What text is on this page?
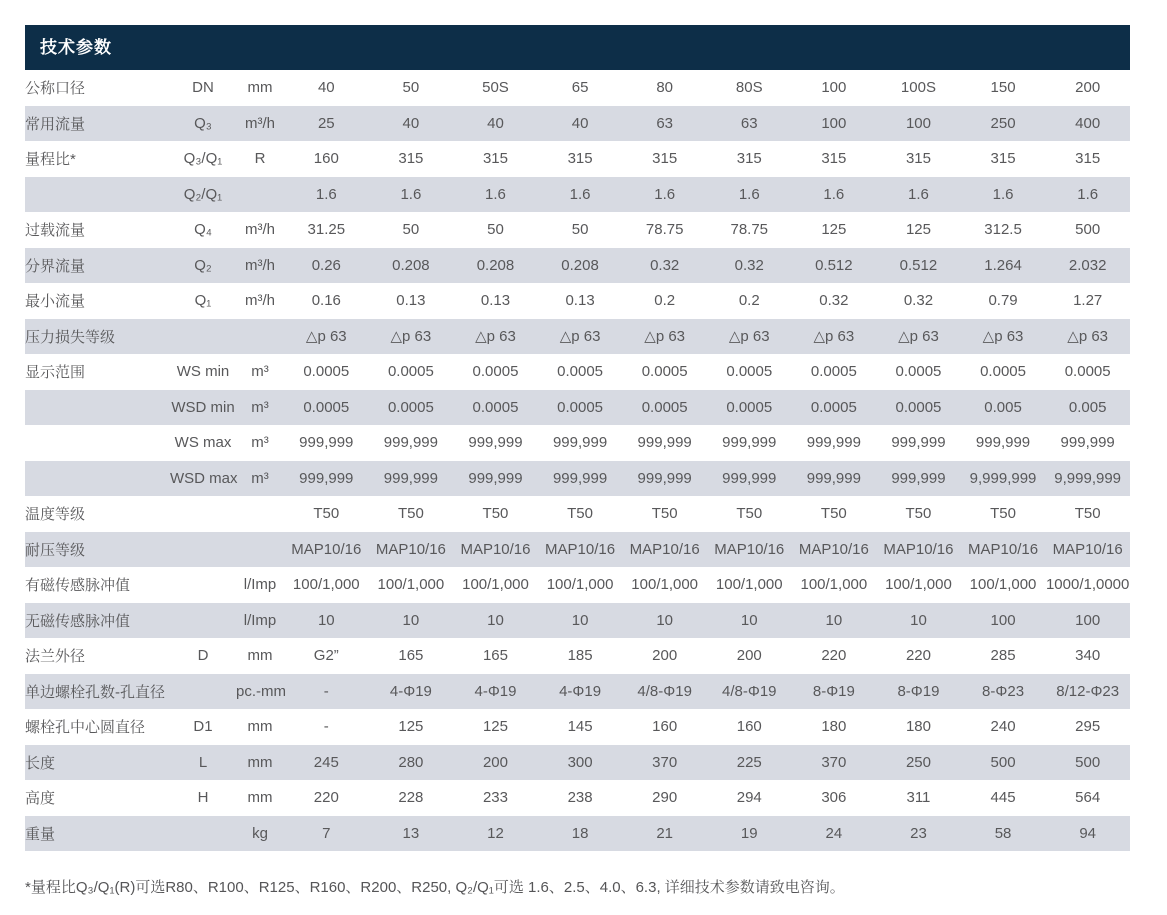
技术参数
公称口径	DN	mm	40	50	50S	65	80	80S	100	100S	150	200
常用流量	Q₃	m³/h	25	40	40	40	63	63	100	100	250	400
量程比*	Q₃/Q₁	R	160	315	315	315	315	315	315	315	315	315
	Q₂/Q₁		1.6	1.6	1.6	1.6	1.6	1.6	1.6	1.6	1.6	1.6
过载流量	Q₄	m³/h	31.25	50	50	50	78.75	78.75	125	125	312.5	500
分界流量	Q₂	m³/h	0.26	0.208	0.208	0.208	0.32	0.32	0.512	0.512	1.264	2.032
最小流量	Q₁	m³/h	0.16	0.13	0.13	0.13	0.2	0.2	0.32	0.32	0.79	1.27
压力损失等级			△p 63	△p 63	△p 63	△p 63	△p 63	△p 63	△p 63	△p 63	△p 63	△p 63
显示范围	WS min	m³	0.0005	0.0005	0.0005	0.0005	0.0005	0.0005	0.0005	0.0005	0.0005	0.0005
	WSD min	m³	0.0005	0.0005	0.0005	0.0005	0.0005	0.0005	0.0005	0.0005	0.005	0.005
	WS max	m³	999,999	999,999	999,999	999,999	999,999	999,999	999,999	999,999	999,999	999,999
	WSD max	m³	999,999	999,999	999,999	999,999	999,999	999,999	999,999	999,999	9,999,999	9,999,999
温度等级			T50	T50	T50	T50	T50	T50	T50	T50	T50	T50
耐压等级			MAP10/16	MAP10/16	MAP10/16	MAP10/16	MAP10/16	MAP10/16	MAP10/16	MAP10/16	MAP10/16	MAP10/16
有磁传感脉冲值		l/Imp	100/1,000	100/1,000	100/1,000	100/1,000	100/1,000	100/1,000	100/1,000	100/1,000	100/1,000	1000/1,0000
无磁传感脉冲值		l/Imp	10	10	10	10	10	10	10	10	100	100
法兰外径	D	mm	G2”	165	165	185	200	200	220	220	285	340
单边螺栓孔数-孔直径		pc.-mm	-	4-Φ19	4-Φ19	4-Φ19	4/8-Φ19	4/8-Φ19	8-Φ19	8-Φ19	8-Φ23	8/12-Φ23
螺栓孔中心圆直径	D1	mm	-	125	125	145	160	160	180	180	240	295
长度	L	mm	245	280	200	300	370	225	370	250	500	500
高度	H	mm	220	228	233	238	290	294	306	311	445	564
重量		kg	7	13	12	18	21	19	24	23	58	94
*量程比Q₃/Q₁(R)可选R80、R100、R125、R160、R200、R250, Q₂/Q₁可选 1.6、2.5、4.0、6.3, 详细技术参数请致电咨询。
